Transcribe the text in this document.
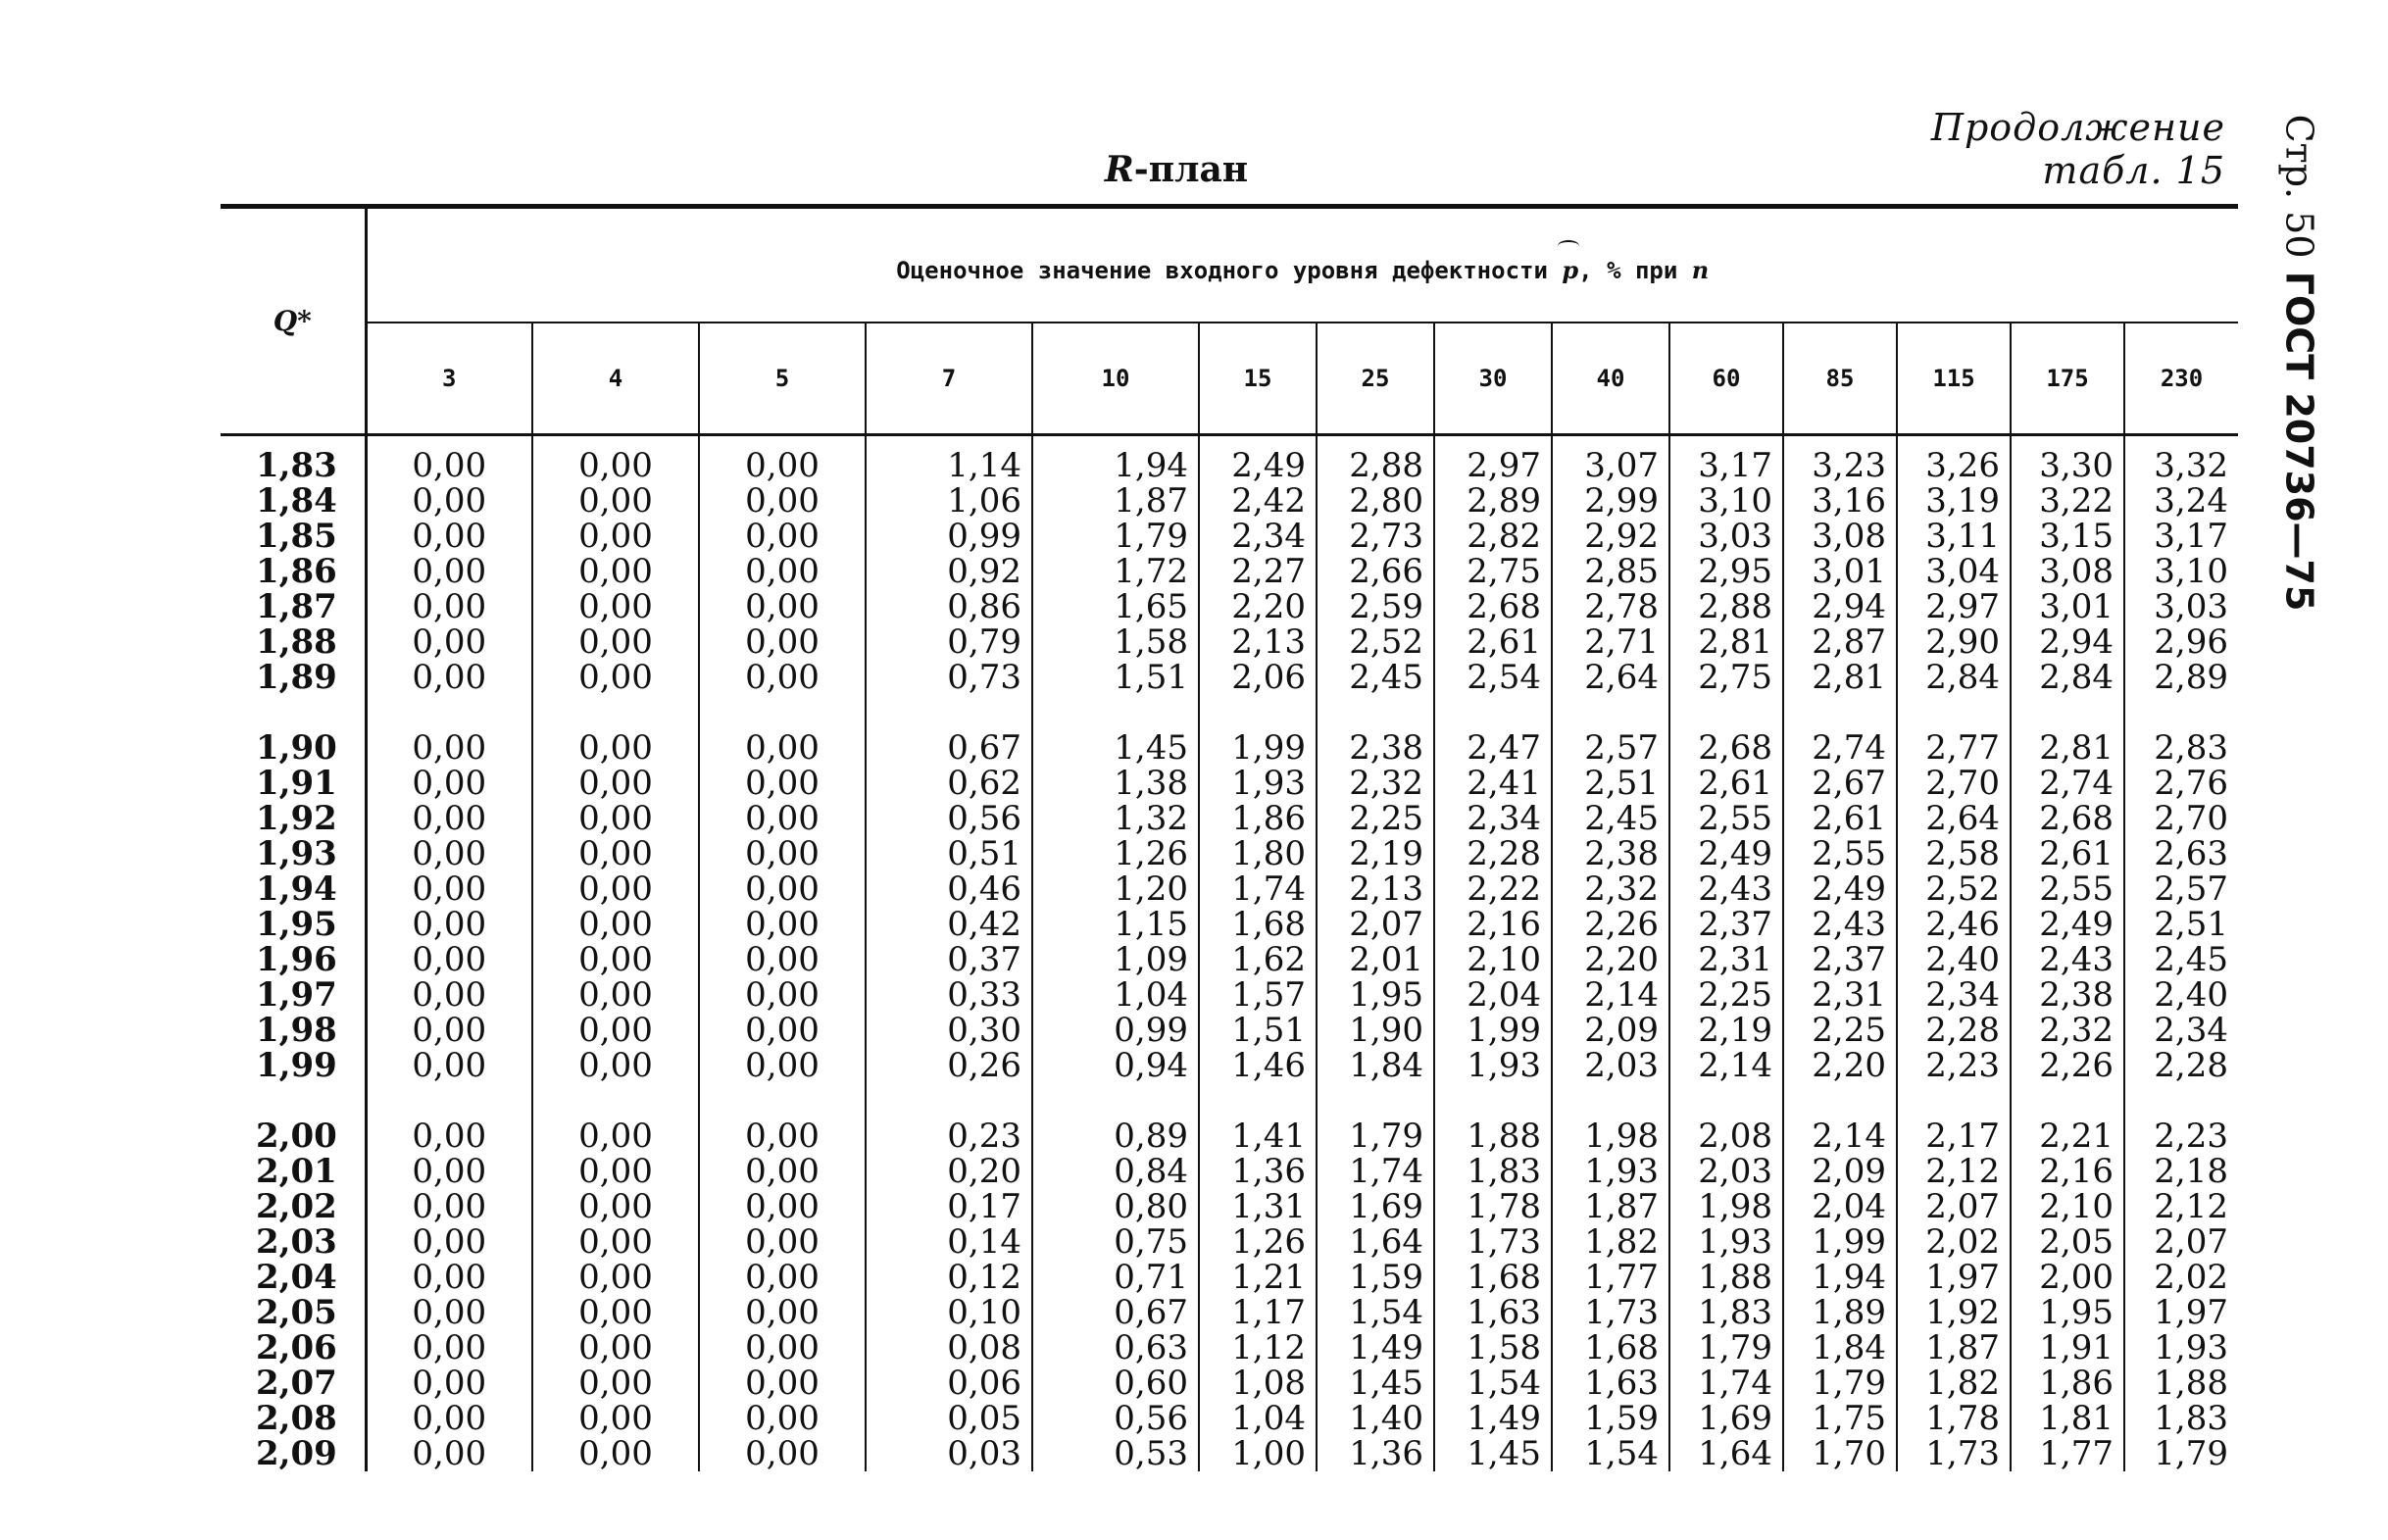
Продолжение табл. 15
R-план	Стр. 50 ГОСТ 20736—75

Q*	Оценочное значение входного уровня дефектности p, % при n													
	3	4	5	7	10	15	25	30	40	60	85	115	175	230
1,83	0,00	0,00	0,00	1,14	1,94	2,49	2,88	2,97	3,07	3,17	3,23	3,26	3,30	3,32
1,84	0,00	0,00	0,00	1,06	1,87	2,42	2,80	2,89	2,99	3,10	3,16	3,19	3,22	3,24
1,85	0,00	0,00	0,00	0,99	1,79	2,34	2,73	2,82	2,92	3,03	3,08	3,11	3,15	3,17
1,86	0,00	0,00	0,00	0,92	1,72	2,27	2,66	2,75	2,85	2,95	3,01	3,04	3,08	3,10
1,87	0,00	0,00	0,00	0,86	1,65	2,20	2,59	2,68	2,78	2,88	2,94	2,97	3,01	3,03
1,88	0,00	0,00	0,00	0,79	1,58	2,13	2,52	2,61	2,71	2,81	2,87	2,90	2,94	2,96
1,89	0,00	0,00	0,00	0,73	1,51	2,06	2,45	2,54	2,64	2,75	2,81	2,84	2,84	2,89

1,90	0,00	0,00	0,00	0,67	1,45	1,99	2,38	2,47	2,57	2,68	2,74	2,77	2,81	2,83
1,91	0,00	0,00	0,00	0,62	1,38	1,93	2,32	2,41	2,51	2,61	2,67	2,70	2,74	2,76
1,92	0,00	0,00	0,00	0,56	1,32	1,86	2,25	2,34	2,45	2,55	2,61	2,64	2,68	2,70
1,93	0,00	0,00	0,00	0,51	1,26	1,80	2,19	2,28	2,38	2,49	2,55	2,58	2,61	2,63
1,94	0,00	0,00	0,00	0,46	1,20	1,74	2,13	2,22	2,32	2,43	2,49	2,52	2,55	2,57
1,95	0,00	0,00	0,00	0,42	1,15	1,68	2,07	2,16	2,26	2,37	2,43	2,46	2,49	2,51
1,96	0,00	0,00	0,00	0,37	1,09	1,62	2,01	2,10	2,20	2,31	2,37	2,40	2,43	2,45
1,97	0,00	0,00	0,00	0,33	1,04	1,57	1,95	2,04	2,14	2,25	2,31	2,34	2,38	2,40
1,98	0,00	0,00	0,00	0,30	0,99	1,51	1,90	1,99	2,09	2,19	2,25	2,28	2,32	2,34
1,99	0,00	0,00	0,00	0,26	0,94	1,46	1,84	1,93	2,03	2,14	2,20	2,23	2,26	2,28

2,00	0,00	0,00	0,00	0,23	0,89	1,41	1,79	1,88	1,98	2,08	2,14	2,17	2,21	2,23
2,01	0,00	0,00	0,00	0,20	0,84	1,36	1,74	1,83	1,93	2,03	2,09	2,12	2,16	2,18
2,02	0,00	0,00	0,00	0,17	0,80	1,31	1,69	1,78	1,87	1,98	2,04	2,07	2,10	2,12
2,03	0,00	0,00	0,00	0,14	0,75	1,26	1,64	1,73	1,82	1,93	1,99	2,02	2,05	2,07
2,04	0,00	0,00	0,00	0,12	0,71	1,21	1,59	1,68	1,77	1,88	1,94	1,97	2,00	2,02
2,05	0,00	0,00	0,00	0,10	0,67	1,17	1,54	1,63	1,73	1,83	1,89	1,92	1,95	1,97
2,06	0,00	0,00	0,00	0,08	0,63	1,12	1,49	1,58	1,68	1,79	1,84	1,87	1,91	1,93
2,07	0,00	0,00	0,00	0,06	0,60	1,08	1,45	1,54	1,63	1,74	1,79	1,82	1,86	1,88
2,08	0,00	0,00	0,00	0,05	0,56	1,04	1,40	1,49	1,59	1,69	1,75	1,78	1,81	1,83
2,09	0,00	0,00	0,00	0,03	0,53	1,00	1,36	1,45	1,54	1,64	1,70	1,73	1,77	1,79
